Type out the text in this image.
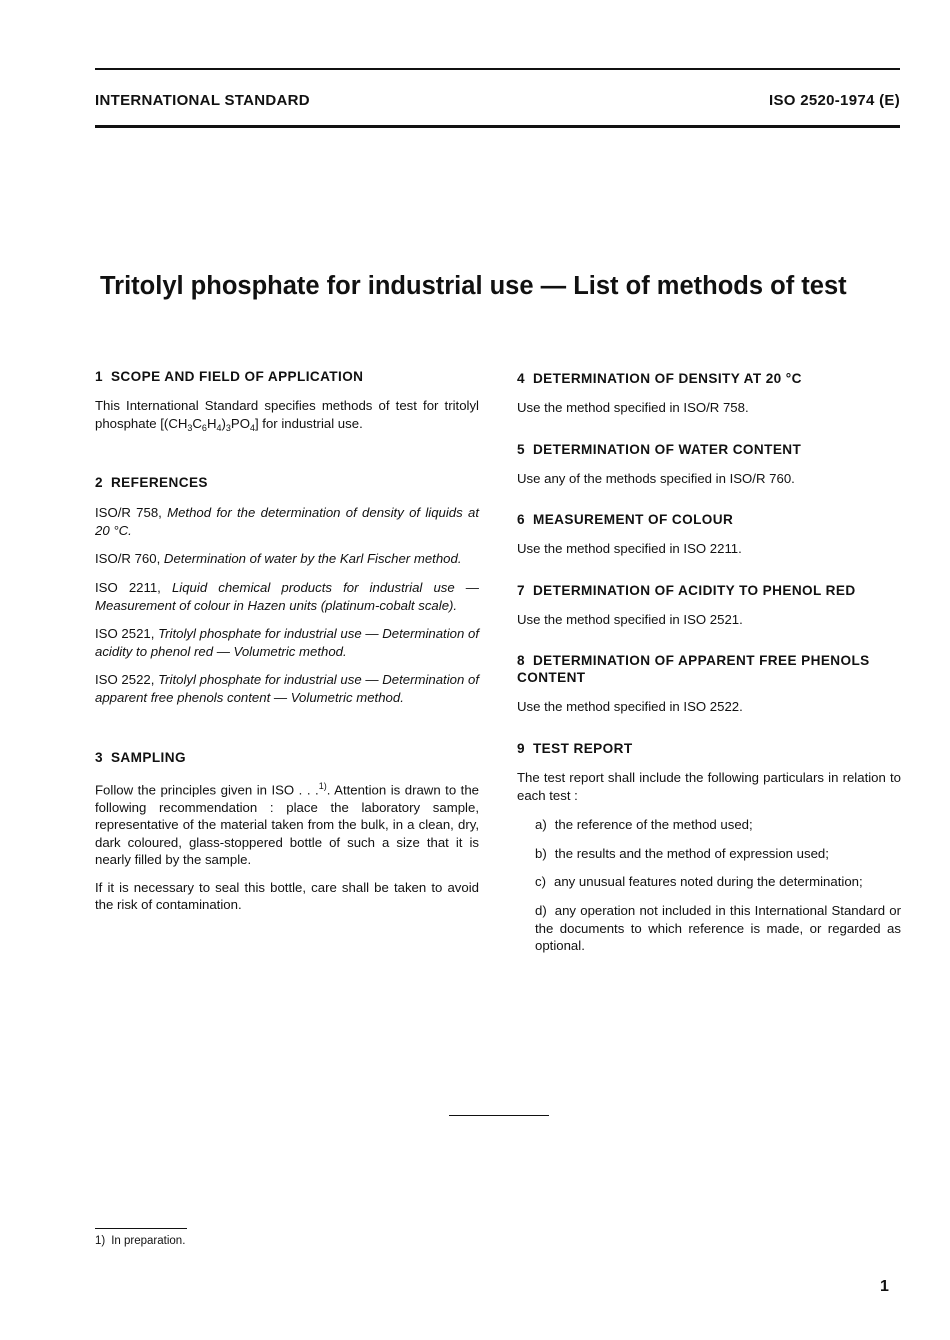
INTERNATIONAL STANDARD	ISO 2520-1974 (E)
Tritolyl phosphate for industrial use — List of methods of test
1 SCOPE AND FIELD OF APPLICATION

This International Standard specifies methods of test for tritolyl phosphate $[(CH_3C_6H_4)_3PO_4]$ for industrial use.

2 REFERENCES

ISO/R 758, Method for the determination of density of liquids at 20 °C.

ISO/R 760, Determination of water by the Karl Fischer method.

ISO 2211, Liquid chemical products for industrial use — Measurement of colour in Hazen units (platinum-cobalt scale).

ISO 2521, Tritolyl phosphate for industrial use — Determination of acidity to phenol red — Volumetric method.

ISO 2522, Tritolyl phosphate for industrial use — Determination of apparent free phenols content — Volumetric method.

3 SAMPLING

Follow the principles given in ISO . . .$^{1)}$. Attention is drawn to the following recommendation : place the laboratory sample, representative of the material taken from the bulk, in a clean, dry, dark coloured, glass-stoppered bottle of such a size that it is nearly filled by the sample.

If it is necessary to seal this bottle, care shall be taken to avoid the risk of contamination.

4 DETERMINATION OF DENSITY AT 20 °C

Use the method specified in ISO/R 758.

5 DETERMINATION OF WATER CONTENT

Use any of the methods specified in ISO/R 760.

6 MEASUREMENT OF COLOUR

Use the method specified in ISO 2211.

7 DETERMINATION OF ACIDITY TO PHENOL RED

Use the method specified in ISO 2521.

8 DETERMINATION OF APPARENT FREE PHENOLS CONTENT

Use the method specified in ISO 2522.

9 TEST REPORT

The test report shall include the following particulars in relation to each test :

a) the reference of the method used;

b) the results and the method of expression used;

c) any unusual features noted during the determination;

d) any operation not included in this International Standard or the documents to which reference is made, or regarded as optional.

1) In preparation.
1
